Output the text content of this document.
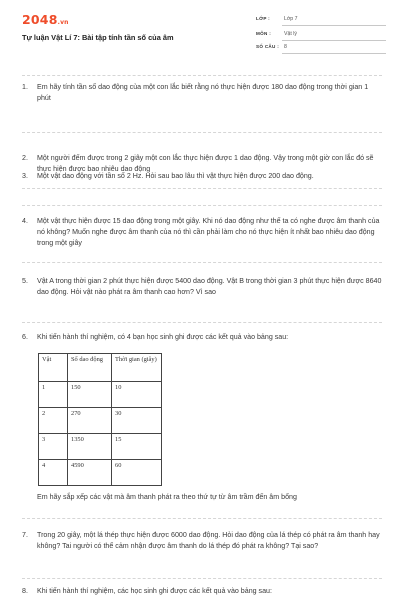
2048.vn
Tự luận Vật Lí 7: Bài tập tính tần số của âm
LỚP :	Lớp 7
MÔN : Vật lý
SỐ CÂU : 8
1.	Em hãy tính tần số dao động của một con lắc biết rằng nó thực hiện được 180 dao động trong thời gian 1 phút
2.	Một người đếm được trong 2 giây một con lắc thực hiện được 1 dao động. Vậy trong một giờ con lắc đó sẽ thực hiện được bao nhiêu dao động
3.	Một vật dao động với tần số 2 Hz. Hỏi sau bao lâu thì vật thực hiện được 200 dao động.
4.	Một vật thực hiện được 15 dao động trong một giây. Khi nó dao động như thế ta có nghe được âm thanh của nó không? Muốn nghe được âm thanh của nó thì cần phải làm cho nó thực hiện ít nhất bao nhiêu dao động trong một giây
5.	Vật A trong thời gian 2 phút thực hiện được 5400 dao động. Vật B trong thời gian 3 phút thực hiện được 8640 dao động. Hỏi vật nào phát ra âm thanh cao hơn? Vì sao
6.	Khi tiến hành thí nghiệm, có 4 bạn học sinh ghi được các kết quả vào bảng sau:
Vật	Số dao động	Thời gian (giây)
1	150	10
2	270	30
3	1350	15
4	4590	60
Em hãy sắp xếp các vật mà âm thanh phát ra theo thứ tự từ âm trầm đến âm bổng
7.	Trong 20 giây, một lá thép thực hiện được 6000 dao động. Hỏi dao động của lá thép có phát ra âm thanh hay không? Tai người có thể cảm nhận được âm thanh do lá thép đó phát ra không? Tại sao?
8.	Khi tiến hành thí nghiệm, các học sinh ghi được các kết quả vào bảng sau:
